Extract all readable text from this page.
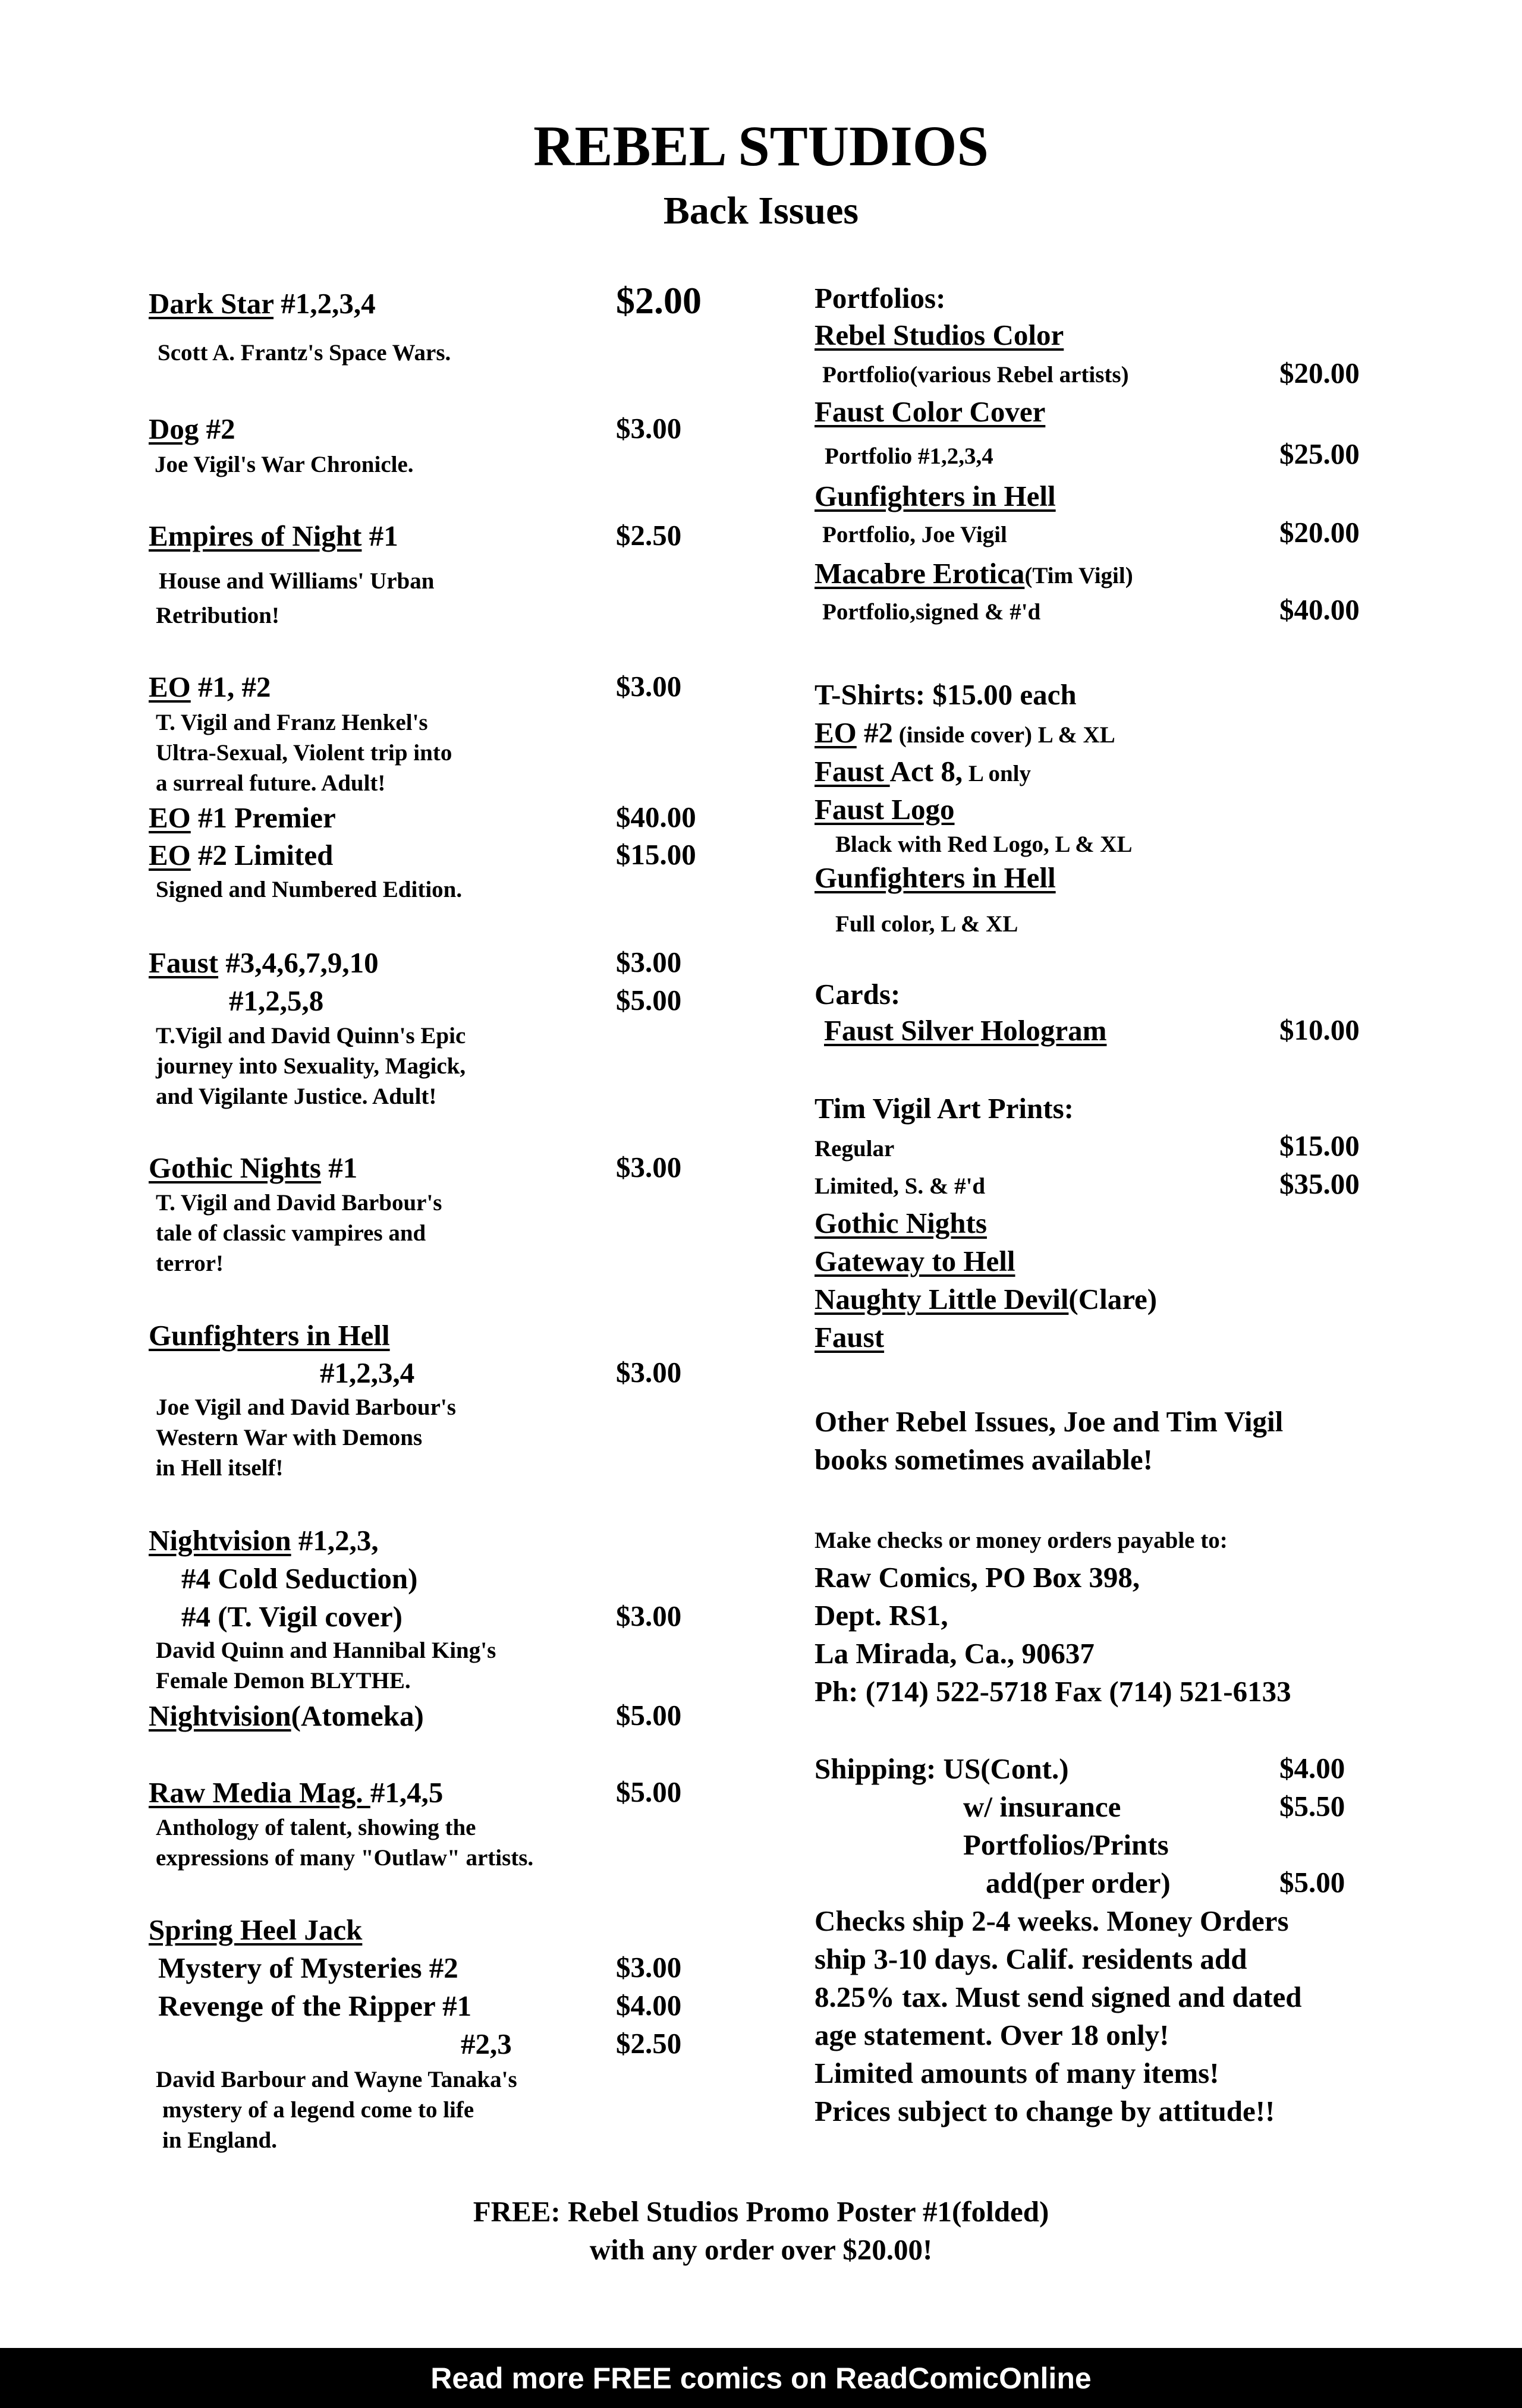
REBEL STUDIOS
Back Issues
Dark Star #1,2,3,4	$2.00
Scott A. Frantz's Space Wars.
Dog #2	$3.00
Joe Vigil's War Chronicle.
Empires of Night #1	$2.50
House and Williams' Urban
Retribution!
EO #1, #2	$3.00
T. Vigil and Franz Henkel's
Ultra-Sexual, Violent trip into
a surreal future. Adult!
EO #1 Premier	$40.00
EO #2 Limited	$15.00
Signed and Numbered Edition.
Faust #3,4,6,7,9,10	$3.00
#1,2,5,8	$5.00
T.Vigil and David Quinn's Epic
journey into Sexuality, Magick,
and Vigilante Justice. Adult!
Gothic Nights #1	$3.00
T. Vigil and David Barbour's
tale of classic vampires and
terror!
Gunfighters in Hell
#1,2,3,4	$3.00
Joe Vigil and David Barbour's
Western War with Demons
in Hell itself!
Nightvision #1,2,3,
#4 Cold Seduction)
#4 (T. Vigil cover)	$3.00
David Quinn and Hannibal King's
Female Demon BLYTHE.
Nightvision(Atomeka)	$5.00
Raw Media Mag. #1,4,5	$5.00
Anthology of talent, showing the
expressions of many "Outlaw" artists.
Spring Heel Jack
Mystery of Mysteries #2	$3.00
Revenge of the Ripper #1	$4.00
#2,3	$2.50
David Barbour and Wayne Tanaka's
mystery of a legend come to life
in England.
Portfolios:
Rebel Studios Color
Portfolio(various Rebel artists)	$20.00
Faust Color Cover
Portfolio #1,2,3,4	$25.00
Gunfighters in Hell
Portfolio, Joe Vigil	$20.00
Macabre Erotica(Tim Vigil)
Portfolio,signed & #'d	$40.00
T-Shirts: $15.00 each
EO #2 (inside cover) L & XL
Faust Act 8, L only
Faust Logo
Black with Red Logo, L & XL
Gunfighters in Hell
Full color, L & XL
Cards:
Faust Silver Hologram	$10.00
Tim Vigil Art Prints:
Regular	$15.00
Limited, S. & #'d	$35.00
Gothic Nights
Gateway to Hell
Naughty Little Devil(Clare)
Faust
Other Rebel Issues, Joe and Tim Vigil
books sometimes available!
Make checks or money orders payable to:
Raw Comics, PO Box 398,
Dept. RS1,
La Mirada, Ca., 90637
Ph: (714) 522-5718 Fax (714) 521-6133
Shipping: US(Cont.)	$4.00
w/ insurance	$5.50
Portfolios/Prints
add(per order)	$5.00
Checks ship 2-4 weeks. Money Orders
ship 3-10 days. Calif. residents add
8.25% tax. Must send signed and dated
age statement. Over 18 only!
Limited amounts of many items!
Prices subject to change by attitude!!
FREE: Rebel Studios Promo Poster #1(folded)
with any order over $20.00!
Read more FREE comics on ReadComicOnline
